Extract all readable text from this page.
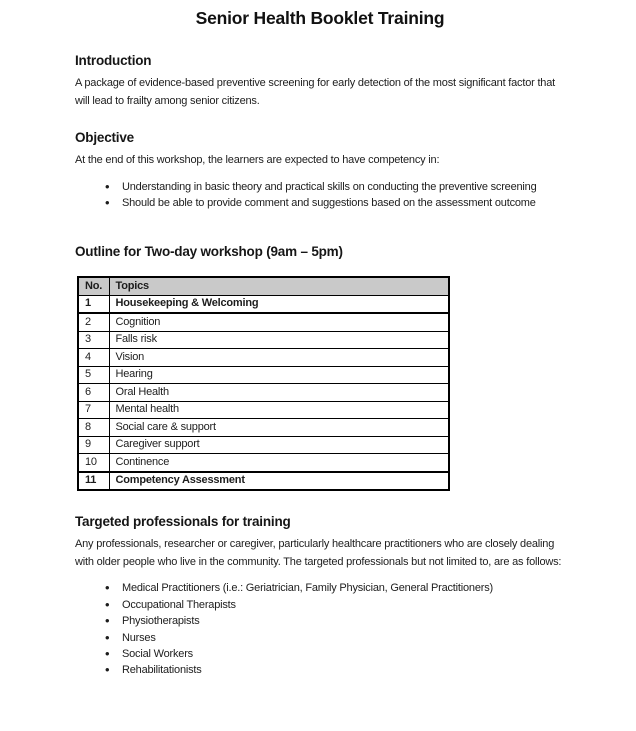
Senior Health Booklet Training
Introduction

A package of evidence-based preventive screening for early detection of the most significant factor that will lead to frailty among senior citizens.

Objective

At the end of this workshop, the learners are expected to have competency in:

• Understanding in basic theory and practical skills on conducting the preventive screening
• Should be able to provide comment and suggestions based on the assessment outcome
Outline for Two-day workshop (9am – 5pm)
No.	Topics
1	Housekeeping & Welcoming
2	Cognition
3	Falls risk
4	Vision
5	Hearing
6	Oral Health
7	Mental health
8	Social care & support
9	Caregiver support
10	Continence
11	Competency Assessment
Targeted professionals for training

Any professionals, researcher or caregiver, particularly healthcare practitioners who are closely dealing with older people who live in the community. The targeted professionals but not limited to, are as follows:

• Medical Practitioners (i.e.: Geriatrician, Family Physician, General Practitioners)
• Occupational Therapists
• Physiotherapists
• Nurses
• Social Workers
• Rehabilitationists
